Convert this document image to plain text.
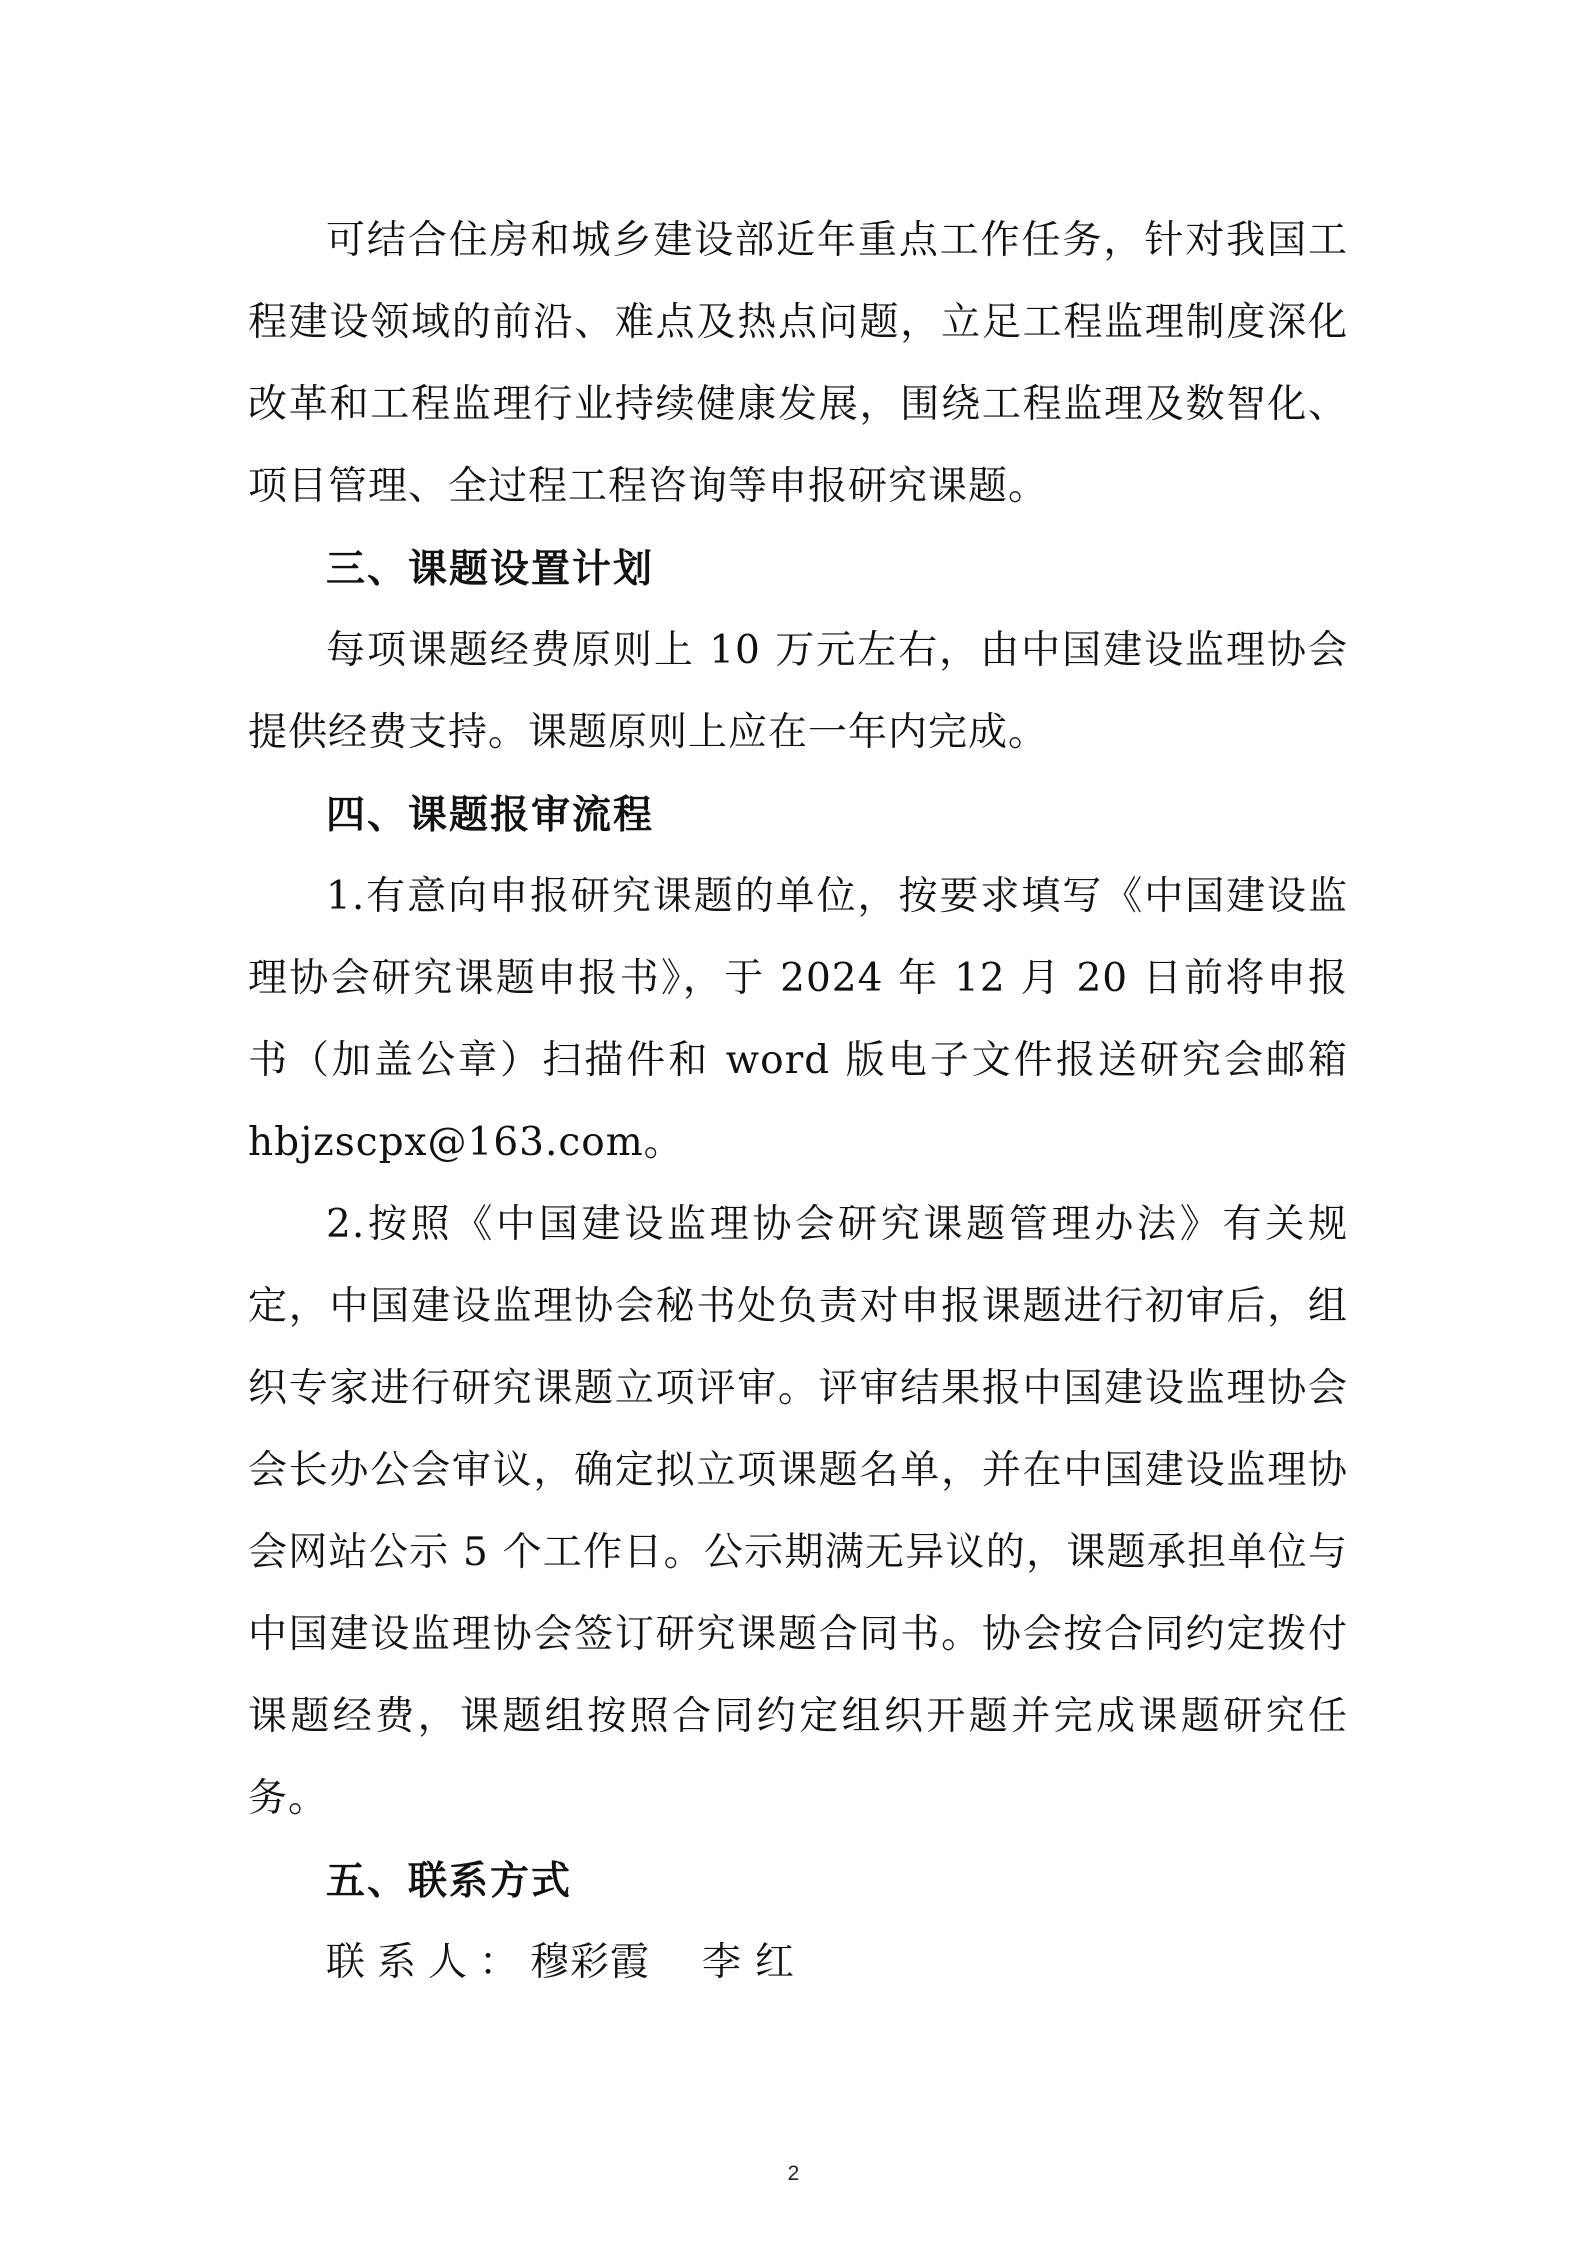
可结合住房和城乡建设部近年重点工作任务，针对我国工程建设领域的前沿、难点及热点问题，立足工程监理制度深化改革和工程监理行业持续健康发展，围绕工程监理及数智化、项目管理、全过程工程咨询等申报研究课题。

三、课题设置计划

每项课题经费原则上 10 万元左右，由中国建设监理协会提供经费支持。课题原则上应在一年内完成。

四、课题报审流程

1.有意向申报研究课题的单位，按要求填写《中国建设监理协会研究课题申报书》，于 2024 年 12 月 20 日前将申报书（加盖公章）扫描件和 word 版电子文件报送研究会邮箱 hbjzscpx@163.com。

2.按照《中国建设监理协会研究课题管理办法》有关规定，中国建设监理协会秘书处负责对申报课题进行初审后，组织专家进行研究课题立项评审。评审结果报中国建设监理协会会长办公会审议，确定拟立项课题名单，并在中国建设监理协会网站公示 5 个工作日。公示期满无异议的，课题承担单位与中国建设监理协会签订研究课题合同书。协会按合同约定拨付课题经费，课题组按照合同约定组织开题并完成课题研究任务。

五、联系方式

联系人：穆彩霞 李红

2
